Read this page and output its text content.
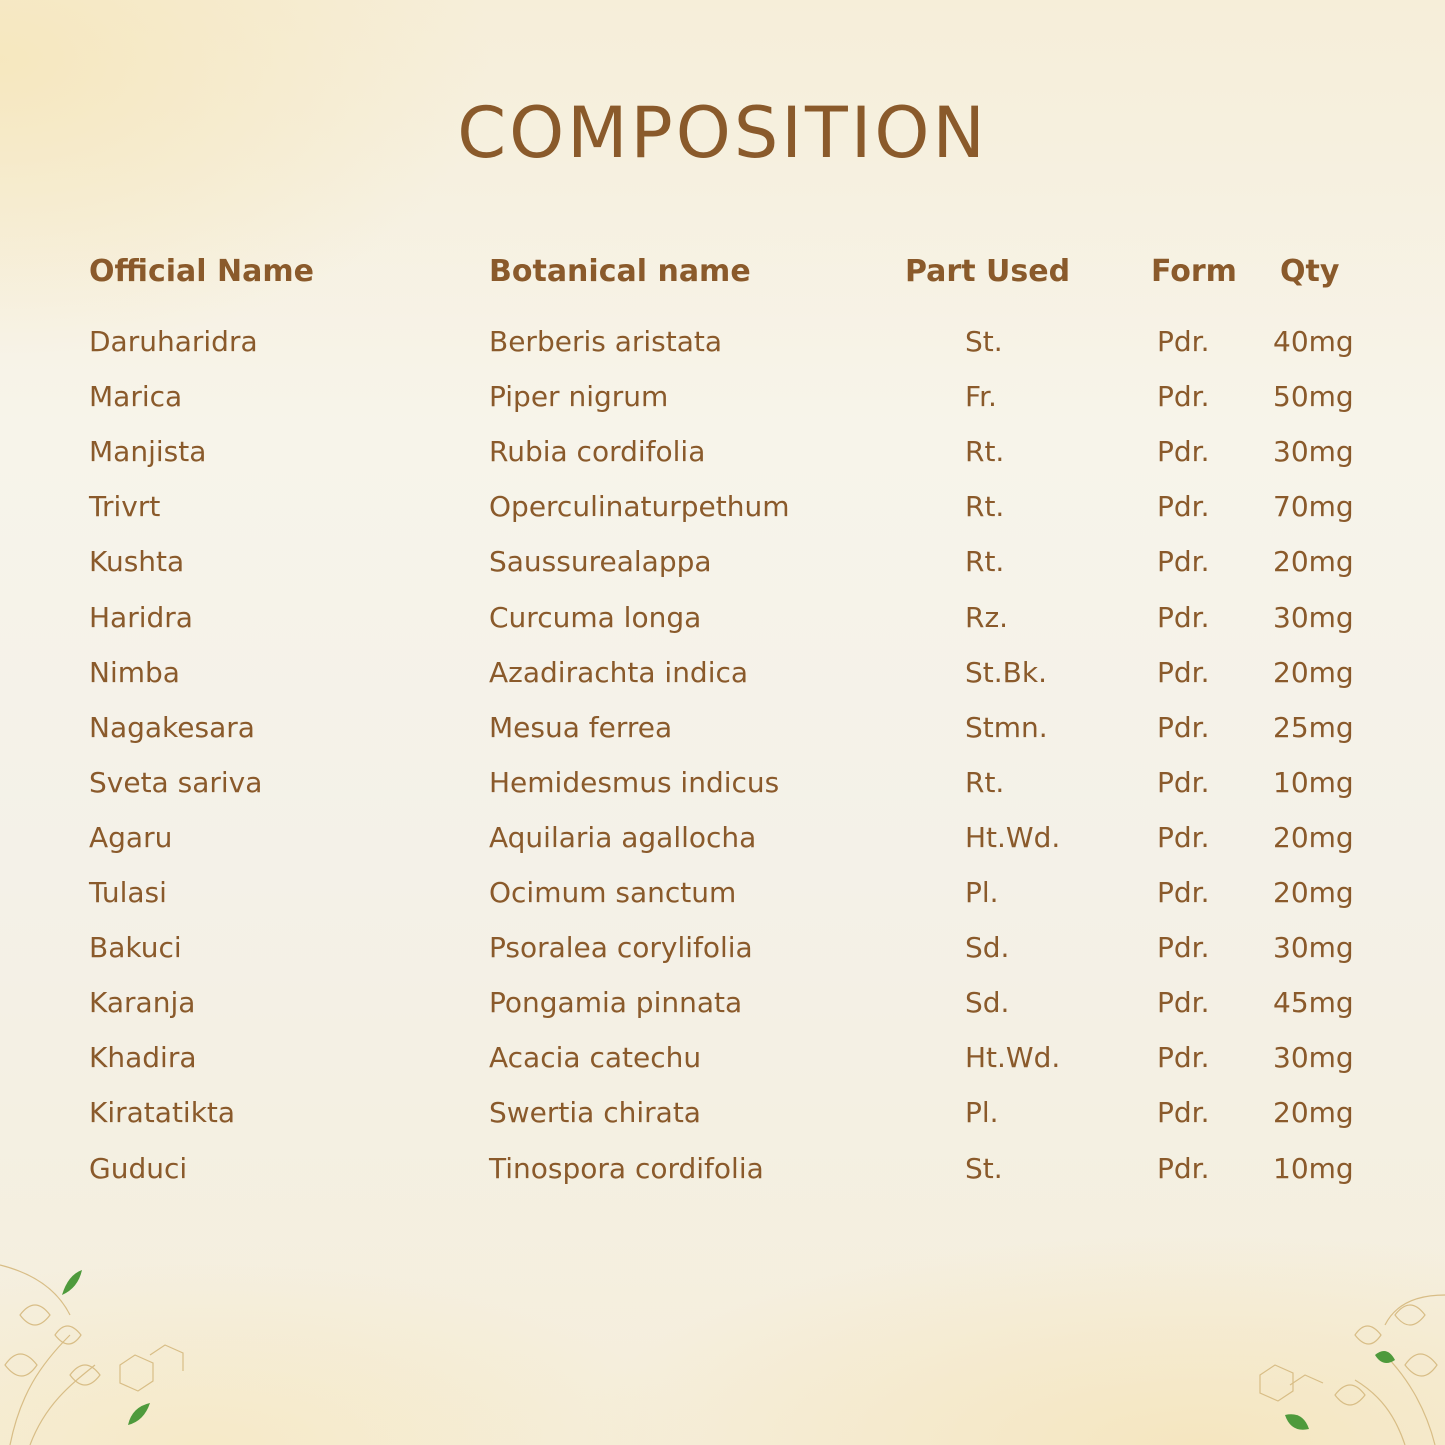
COMPOSITION
Official Name	Botanical name	Part Used	Form Qty
Daruharidra	Berberis aristata	St.	Pdr. 40mg
Marica	Piper nigrum	Fr.	Pdr. 50mg
Manjista	Rubia cordifolia	Rt.	Pdr. 30mg
Trivrt	Operculinaturpethum	Rt.	Pdr. 70mg
Kushta	Saussurealappa	Rt.	Pdr. 20mg
Haridra	Curcuma longa	Rz.	Pdr. 30mg
Nimba	Azadirachta indica	St.Bk.	Pdr. 20mg
Nagakesara	Mesua ferrea	Stmn.	Pdr. 25mg
Sveta sariva	Hemidesmus indicus	Rt.	Pdr. 10mg
Agaru	Aquilaria agallocha	Ht.Wd.	Pdr. 20mg
Tulasi	Ocimum sanctum	Pl.	Pdr. 20mg
Bakuci	Psoralea corylifolia	Sd.	Pdr. 30mg
Karanja	Pongamia pinnata	Sd.	Pdr. 45mg
Khadira	Acacia catechu	Ht.Wd.	Pdr. 30mg
Kiratatikta	Swertia chirata	Pl.	Pdr. 20mg
Guduci	Tinospora cordifolia	St.	Pdr. 10mg
